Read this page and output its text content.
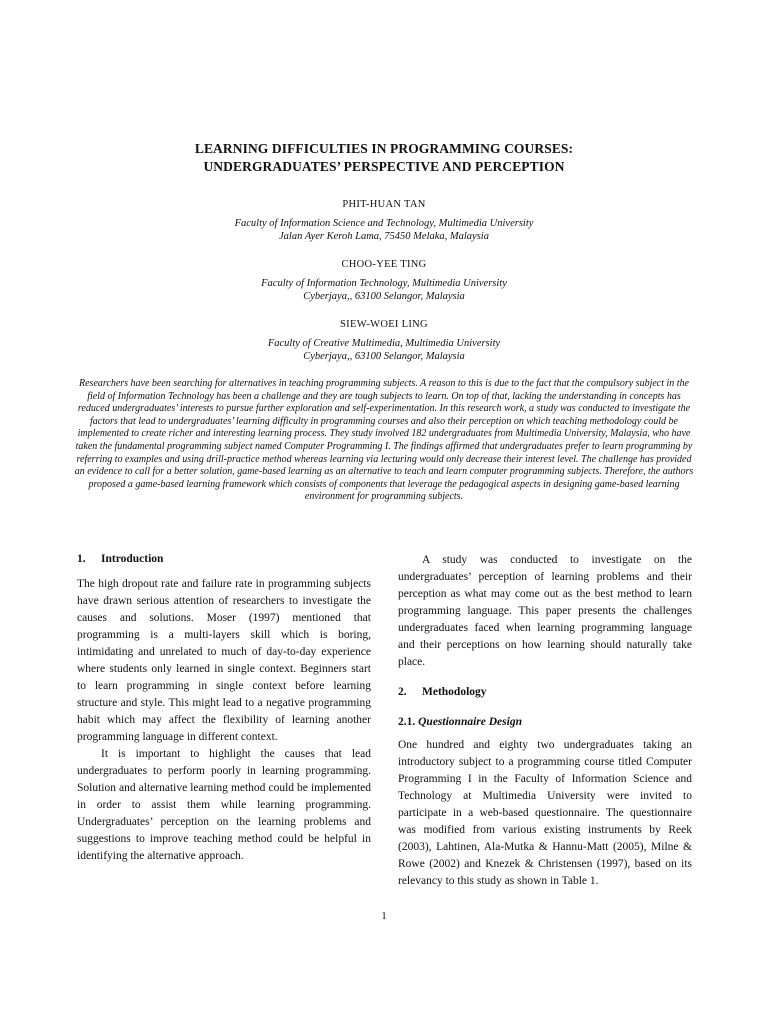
LEARNING DIFFICULTIES IN PROGRAMMING COURSES:
UNDERGRADUATES’ PERSPECTIVE AND PERCEPTION
PHIT-HUAN TAN
Faculty of Information Science and Technology, Multimedia University
Jalan Ayer Keroh Lama, 75450 Melaka, Malaysia
CHOO-YEE TING
Faculty of Information Technology, Multimedia University
Cyberjaya,, 63100 Selangor, Malaysia
SIEW-WOEI LING
Faculty of Creative Multimedia, Multimedia University
Cyberjaya,, 63100 Selangor, Malaysia
Researchers have been searching for alternatives in teaching programming subjects. A reason to this is due to the fact that the compulsory subject in the field of Information Technology has been a challenge and they are tough subjects to learn. On top of that, lacking the understanding in concepts has reduced undergraduates’ interests to pursue further exploration and self-experimentation. In this research work, a study was conducted to investigate the factors that lead to undergraduates’ learning difficulty in programming courses and also their perception on which teaching methodology could be implemented to create richer and interesting learning process. They study involved 182 undergraduates from Multimedia University, Malaysia, who have taken the fundamental programming subject named Computer Programming I. The findings affirmed that undergraduates prefer to learn programming by referring to examples and using drill-practice method whereas learning via lecturing would only decrease their interest level. The challenge has provided an evidence to call for a better solution, game-based learning as an alternative to teach and learn computer programming subjects. Therefore, the authors proposed a game-based learning framework which consists of components that leverage the pedagogical aspects in designing game-based learning environment for programming subjects.
1. Introduction

The high dropout rate and failure rate in programming subjects have drawn serious attention of researchers to investigate the causes and solutions. Moser (1997) mentioned that programming is a multi-layers skill which is boring, intimidating and unrelated to much of day-to-day experience where students only learned in single context. Beginners start to learn programming in single context before learning structure and style. This might lead to a negative programming habit which may affect the flexibility of learning another programming language in different context.

It is important to highlight the causes that lead undergraduates to perform poorly in learning programming. Solution and alternative learning method could be implemented in order to assist them while learning programming. Undergraduates’ perception on the learning problems and suggestions to improve teaching method could be helpful in identifying the alternative approach.

A study was conducted to investigate on the undergraduates’ perception of learning problems and their perception as what may come out as the best method to learn programming language. This paper presents the challenges undergraduates faced when learning programming language and their perceptions on how learning should naturally take place.

2. Methodology
2.1. Questionnaire Design

One hundred and eighty two undergraduates taking an introductory subject to a programming course titled Computer Programming I in the Faculty of Information Science and Technology at Multimedia University were invited to participate in a web-based questionnaire. The questionnaire was modified from various existing instruments by Reek (2003), Lahtinen, Ala-Mutka & Hannu-Matt (2005), Milne & Rowe (2002) and Knezek & Christensen (1997), based on its relevancy to this study as shown in Table 1.

1
